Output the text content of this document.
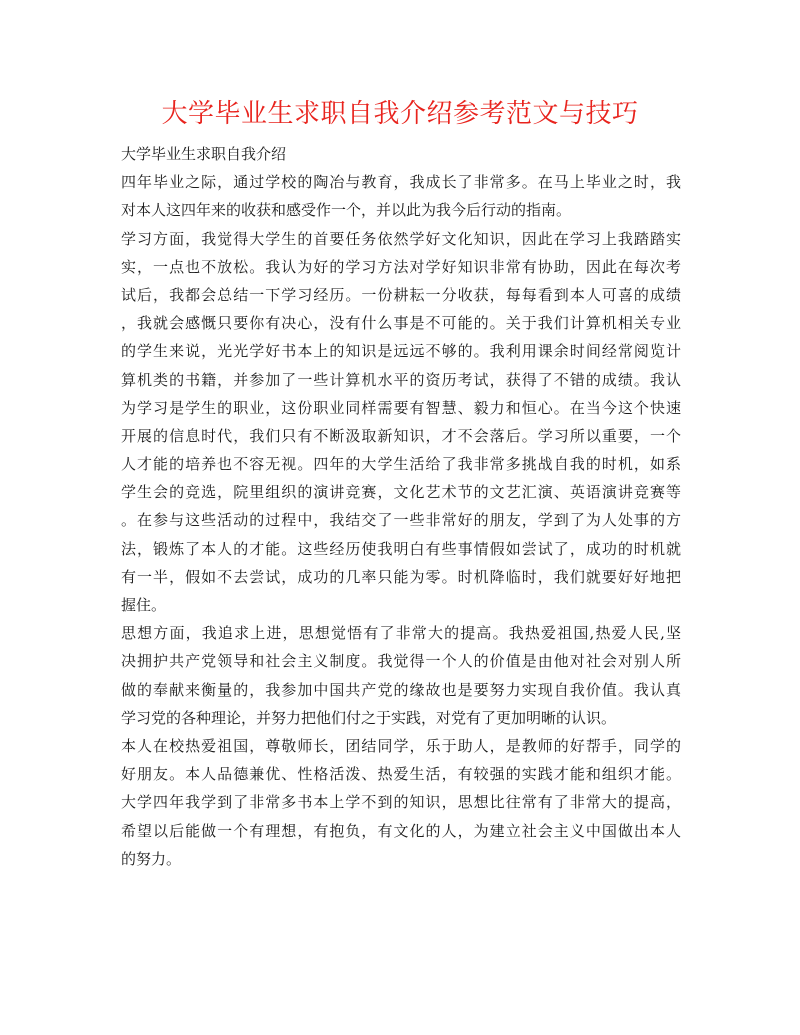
大学毕业生求职自我介绍参考范文与技巧
大学毕业生求职自我介绍
四年毕业之际，通过学校的陶冶与教育，我成长了非常多。在马上毕业之时，我
对本人这四年来的收获和感受作一个，并以此为我今后行动的指南。
学习方面，我觉得大学生的首要任务依然学好文化知识，因此在学习上我踏踏实
实，一点也不放松。我认为好的学习方法对学好知识非常有协助，因此在每次考
试后，我都会总结一下学习经历。一份耕耘一分收获，每每看到本人可喜的成绩
，我就会感慨只要你有决心，没有什么事是不可能的。关于我们计算机相关专业
的学生来说，光光学好书本上的知识是远远不够的。我利用课余时间经常阅览计
算机类的书籍，并参加了一些计算机水平的资历考试，获得了不错的成绩。我认
为学习是学生的职业，这份职业同样需要有智慧、毅力和恒心。在当今这个快速
开展的信息时代，我们只有不断汲取新知识，才不会落后。学习所以重要，一个
人才能的培养也不容无视。四年的大学生活给了我非常多挑战自我的时机，如系
学生会的竞选，院里组织的演讲竞赛，文化艺术节的文艺汇演、英语演讲竞赛等
。在参与这些活动的过程中，我结交了一些非常好的朋友，学到了为人处事的方
法，锻炼了本人的才能。这些经历使我明白有些事情假如尝试了，成功的时机就
有一半，假如不去尝试，成功的几率只能为零。时机降临时，我们就要好好地把
握住。
思想方面，我追求上进，思想觉悟有了非常大的提高。我热爱祖国,热爱人民,坚
决拥护共产党领导和社会主义制度。我觉得一个人的价值是由他对社会对别人所
做的奉献来衡量的，我参加中国共产党的缘故也是要努力实现自我价值。我认真
学习党的各种理论，并努力把他们付之于实践，对党有了更加明晰的认识。
本人在校热爱祖国，尊敬师长，团结同学，乐于助人，是教师的好帮手，同学的
好朋友。本人品德兼优、性格活泼、热爱生活，有较强的实践才能和组织才能。
大学四年我学到了非常多书本上学不到的知识，思想比往常有了非常大的提高，
希望以后能做一个有理想，有抱负，有文化的人，为建立社会主义中国做出本人
的努力。
